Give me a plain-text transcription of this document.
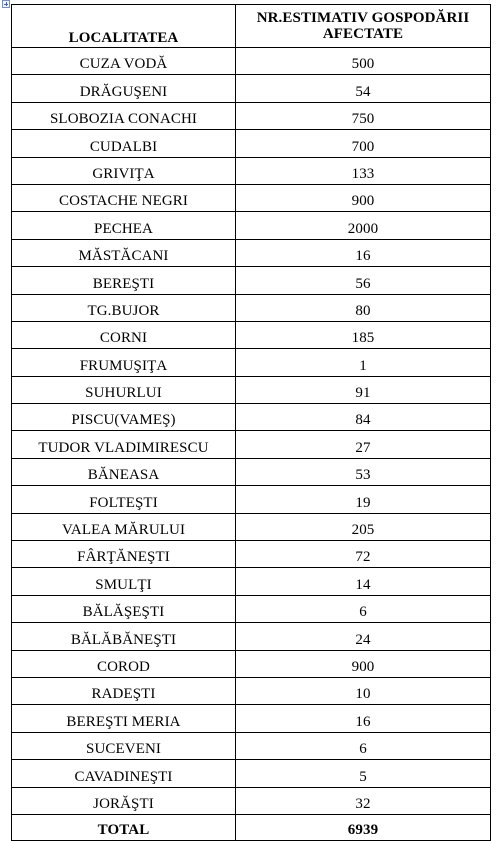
LOCALITATEA	NR.ESTIMATIV GOSPODĂRII
AFECTATE

CUZA VODĂ	500
DRĂGUŞENI	54
SLOBOZIA CONACHI	750
CUDALBI	700
GRIVIŢA	133
COSTACHE NEGRI	900
PECHEA	2000
MĂSTĂCANI	16
BEREŞTI	56
TG.BUJOR	80
CORNI	185
FRUMUŞIŢA	1
SUHURLUI	91
PISCU(VAMEŞ)	84
TUDOR VLADIMIRESCU	27
BĂNEASA	53
FOLTEŞTI	19
VALEA MĂRULUI	205
FÂRŢĂNEŞTI	72
SMULŢI	14
BĂLĂŞEŞTI	6
BĂLĂBĂNEŞTI	24
COROD	900
RADEŞTI	10
BEREŞTI MERIA	16
SUCEVENI	6
CAVADINEŞTI	5
JORĂŞTI	32
TOTAL	6939
